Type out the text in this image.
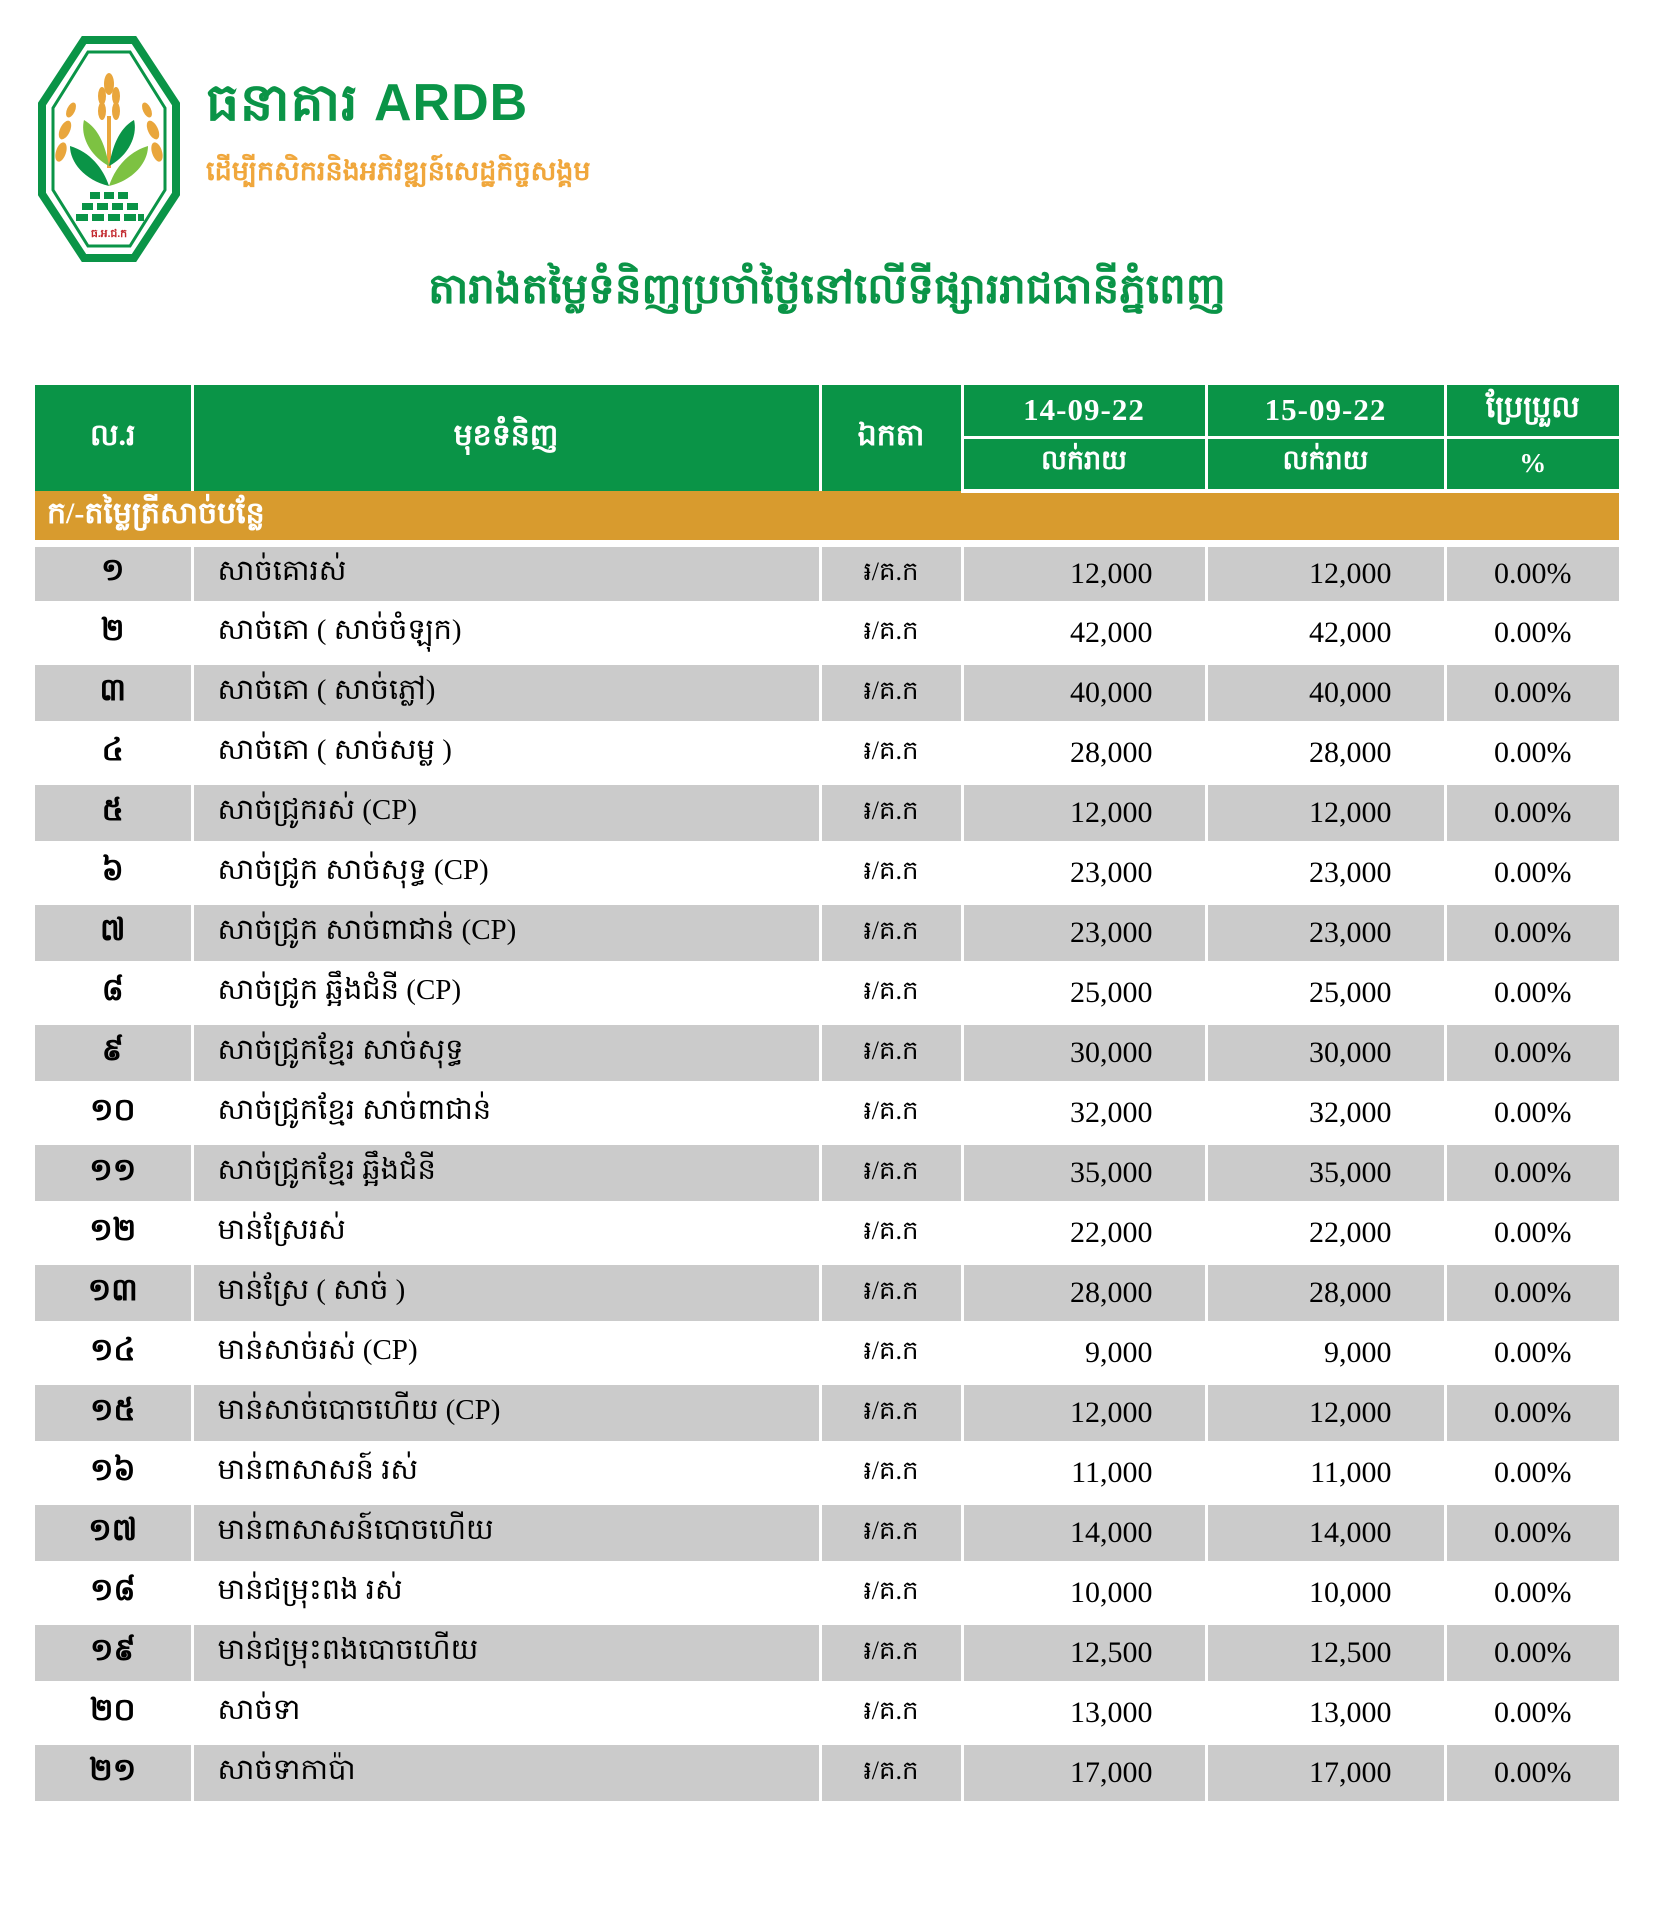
ធ.អ.ជ.ក
ធនាគារ ARDB
ដើម្បីកសិករនិងអភិវឌ្ឍន៍សេដ្ឋកិច្ចសង្គម
តារាងតម្លៃទំនិញប្រចាំថ្ងៃនៅលើទីផ្សាររាជធានីភ្នំពេញ
ល.រ	មុខទំនិញ	ឯកតា	14-09-22	15-09-22	ប្រែប្រួល
			លក់រាយ	លក់រាយ	%
ក/-តម្លៃត្រីសាច់បន្លែ					
១	សាច់គោរស់	៛/គ.ក	12,000	12,000	0.00%
២	សាច់គោ ( សាច់ចំឡុក)	៛/គ.ក	42,000	42,000	0.00%
៣	សាច់គោ ( សាច់ភ្លៅ)	៛/គ.ក	40,000	40,000	0.00%
៤	សាច់គោ ( សាច់សម្ល )	៛/គ.ក	28,000	28,000	0.00%
៥	សាច់ជ្រូករស់ (CP)	៛/គ.ក	12,000	12,000	0.00%
៦	សាច់ជ្រូក សាច់សុទ្ធ (CP)	៛/គ.ក	23,000	23,000	0.00%
៧	សាច់ជ្រូក សាច់ពាជាន់ (CP)	៛/គ.ក	23,000	23,000	0.00%
៨	សាច់ជ្រូក ឆ្អឹងជំនី (CP)	៛/គ.ក	25,000	25,000	0.00%
៩	សាច់ជ្រូកខ្មែរ សាច់សុទ្ធ	៛/គ.ក	30,000	30,000	0.00%
១០	សាច់ជ្រូកខ្មែរ សាច់ពាជាន់	៛/គ.ក	32,000	32,000	0.00%
១១	សាច់ជ្រូកខ្មែរ ឆ្អឹងជំនី	៛/គ.ក	35,000	35,000	0.00%
១២	មាន់ស្រែរស់	៛/គ.ក	22,000	22,000	0.00%
១៣	មាន់ស្រែ ( សាច់ )	៛/គ.ក	28,000	28,000	0.00%
១៤	មាន់សាច់រស់ (CP)	៛/គ.ក	9,000	9,000	0.00%
១៥	មាន់សាច់បោចហើយ (CP)	៛/គ.ក	12,000	12,000	0.00%
១៦	មាន់ពាសាសន៍ រស់	៛/គ.ក	11,000	11,000	0.00%
១៧	មាន់ពាសាសន៍បោចហើយ	៛/គ.ក	14,000	14,000	0.00%
១៨	មាន់ជម្រុះពង រស់	៛/គ.ក	10,000	10,000	0.00%
១៩	មាន់ជម្រុះពងបោចហើយ	៛/គ.ក	12,500	12,500	0.00%
២០	សាច់ទា	៛/គ.ក	13,000	13,000	0.00%
២១	សាច់ទាកាប៉ា	៛/គ.ក	17,000	17,000	0.00%
